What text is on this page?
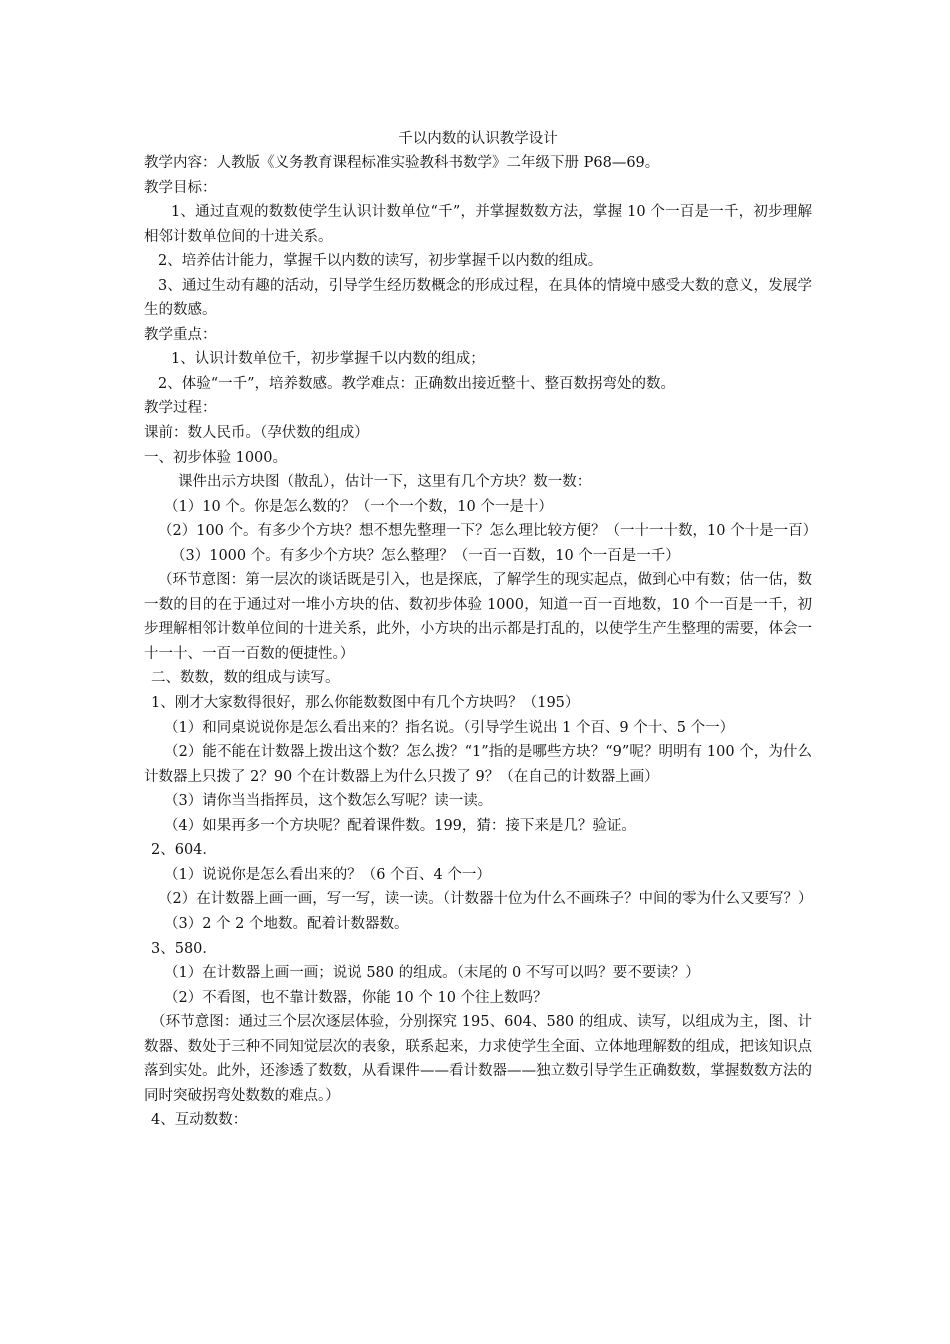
千以内数的认识教学设计

教学内容：人教版《义务教育课程标准实验教科书数学》二年级下册 P68—69。

教学目标：

1、通过直观的数数使学生认识计数单位“千”，并掌握数数方法，掌握 10 个一百是一千，初步理解相邻计数单位间的十进关系。

2、培养估计能力，掌握千以内数的读写，初步掌握千以内数的组成。

3、通过生动有趣的活动，引导学生经历数概念的形成过程，在具体的情境中感受大数的意义，发展学生的数感。

教学重点：

1、认识计数单位千，初步掌握千以内数的组成；

2、体验“一千”，培养数感。教学难点：正确数出接近整十、整百数拐弯处的数。

教学过程：

课前：数人民币。（孕伏数的组成）

一、初步体验 1000。

课件出示方块图（散乱），估计一下，这里有几个方块？数一数：

（1）10 个。你是怎么数的？（一个一个数，10 个一是十）

（2）100 个。有多少个方块？想不想先整理一下？怎么理比较方便？（一十一十数，10 个十是一百）

（3）1000 个。有多少个方块？怎么整理？（一百一百数，10 个一百是一千）

（环节意图：第一层次的谈话既是引入，也是探底，了解学生的现实起点，做到心中有数；估一估，数一数的目的在于通过对一堆小方块的估、数初步体验 1000，知道一百一百地数，10 个一百是一千，初步理解相邻计数单位间的十进关系，此外，小方块的出示都是打乱的，以使学生产生整理的需要，体会一十一十、一百一百数的便捷性。）

二、数数，数的组成与读写。

1、刚才大家数得很好，那么你能数数图中有几个方块吗？（195）

（1）和同桌说说你是怎么看出来的？指名说。（引导学生说出 1 个百、9 个十、5 个一）

（2）能不能在计数器上拨出这个数？怎么拨？“1”指的是哪些方块？“9”呢？明明有 100 个，为什么计数器上只拨了 2？90 个在计数器上为什么只拨了 9？（在自己的计数器上画）

（3）请你当当指挥员，这个数怎么写呢？读一读。

（4）如果再多一个方块呢？配着课件数。199，猜：接下来是几？验证。

2、604．

（1）说说你是怎么看出来的？（6 个百、4 个一）

（2）在计数器上画一画，写一写，读一读。（计数器十位为什么不画珠子？中间的零为什么又要写？）

（3）2 个 2 个地数。配着计数器数。

3、580．

（1）在计数器上画一画；说说 580 的组成。（末尾的 0 不写可以吗？要不要读？）

（2）不看图，也不靠计数器，你能 10 个 10 个往上数吗？

（环节意图：通过三个层次逐层体验，分别探究 195、604、580 的组成、读写，以组成为主，图、计数器、数处于三种不同知觉层次的表象，联系起来，力求使学生全面、立体地理解数的组成，把该知识点落到实处。此外，还渗透了数数，从看课件——看计数器——独立数引导学生正确数数，掌握数数方法的同时突破拐弯处数数的难点。）

4、互动数数：
